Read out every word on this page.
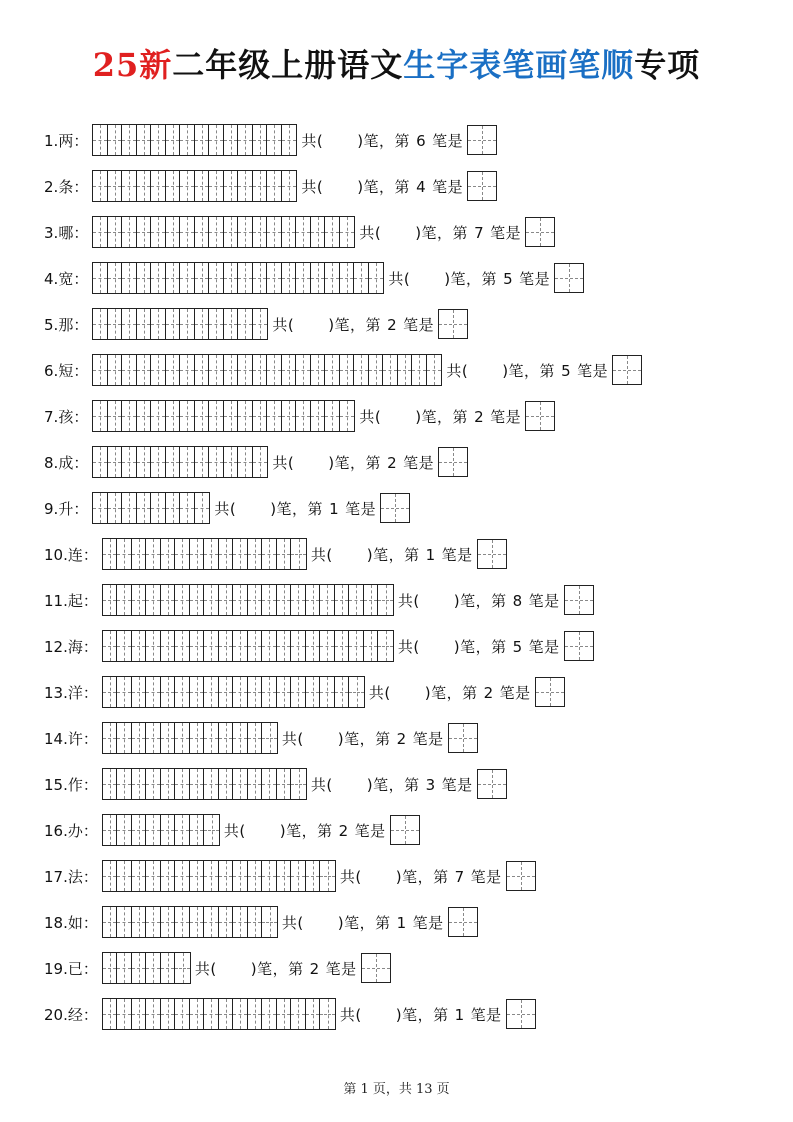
25新二年级上册语文生字表笔画笔顺专项
1.两：	共( )笔，第 6 笔是
2.条：	共( )笔，第 4 笔是
3.哪：	共( )笔，第 7 笔是
4.宽：	共( )笔，第 5 笔是
5.那：	共( )笔，第 2 笔是
6.短：	共( )笔，第 5 笔是
7.孩：	共( )笔，第 2 笔是
8.成：	共( )笔，第 2 笔是
9.升：	共( )笔，第 1 笔是
10.连：	共( )笔，第 1 笔是
11.起：	共( )笔，第 8 笔是
12.海：	共( )笔，第 5 笔是
13.洋：	共( )笔，第 2 笔是
14.许：	共( )笔，第 2 笔是
15.作：	共( )笔，第 3 笔是
16.办：	共( )笔，第 2 笔是
17.法：	共( )笔，第 7 笔是
18.如：	共( )笔，第 1 笔是
19.已：	共( )笔，第 2 笔是
20.经：	共( )笔，第 1 笔是
第 1 页，共 13 页
